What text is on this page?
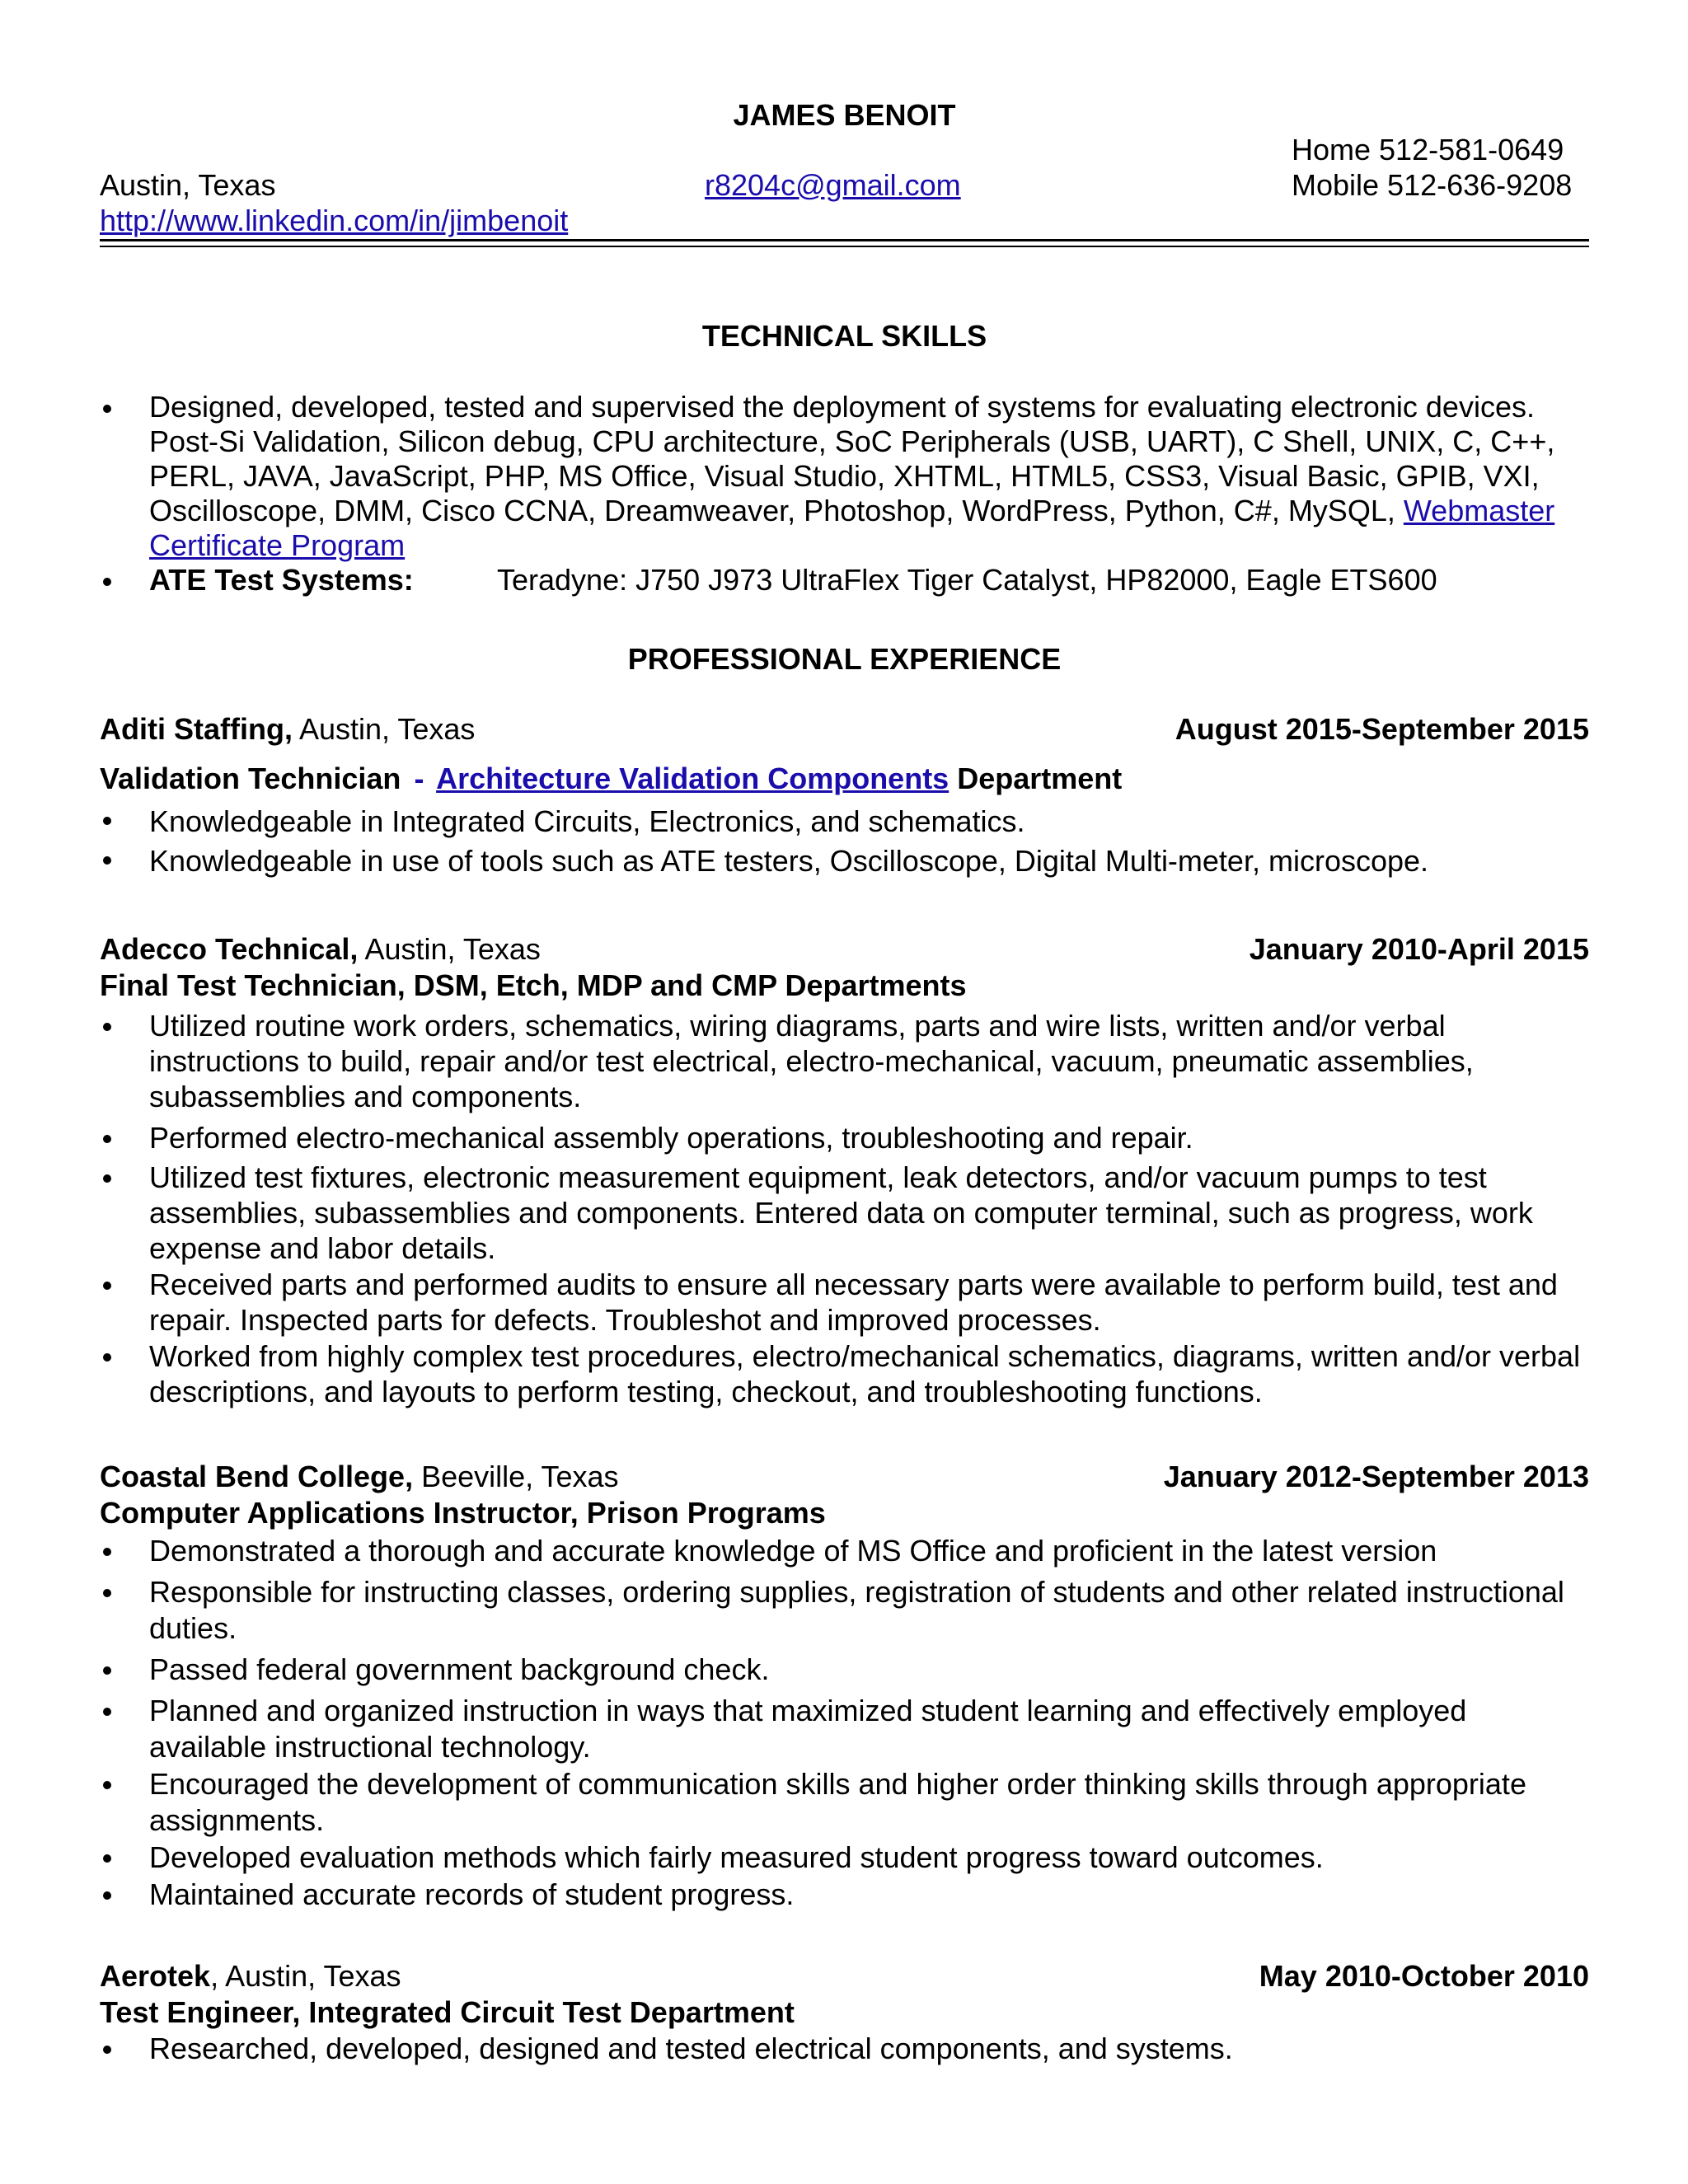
JAMES BENOIT
Home 512-581-0649
Austin, Texas	r8204c@gmail.com	Mobile 512-636-9208
http://www.linkedin.com/in/jimbenoit
TECHNICAL SKILLS
Designed, developed, tested and supervised the deployment of systems for evaluating electronic devices. Post-Si Validation, Silicon debug, CPU architecture, SoC Peripherals (USB, UART), C Shell, UNIX, C, C++, PERL, JAVA, JavaScript, PHP, MS Office, Visual Studio, XHTML, HTML5, CSS3, Visual Basic, GPIB, VXI, Oscilloscope, DMM, Cisco CCNA, Dreamweaver, Photoshop, WordPress, Python, C#, MySQL, Webmaster Certificate Program
ATE Test Systems:	Teradyne: J750 J973 UltraFlex Tiger Catalyst, HP82000, Eagle ETS600
PROFESSIONAL EXPERIENCE
Aditi Staffing, Austin, Texas	August 2015-September 2015
Validation Technician - Architecture Validation Components Department
Knowledgeable in Integrated Circuits, Electronics, and schematics.
Knowledgeable in use of tools such as ATE testers, Oscilloscope, Digital Multi-meter, microscope.
Adecco Technical, Austin, Texas	January 2010-April 2015
Final Test Technician, DSM, Etch, MDP and CMP Departments
Utilized routine work orders, schematics, wiring diagrams, parts and wire lists, written and/or verbal instructions to build, repair and/or test electrical, electro-mechanical, vacuum, pneumatic assemblies, subassemblies and components.
Performed electro-mechanical assembly operations, troubleshooting and repair.
Utilized test fixtures, electronic measurement equipment, leak detectors, and/or vacuum pumps to test assemblies, subassemblies and components. Entered data on computer terminal, such as progress, work expense and labor details.
Received parts and performed audits to ensure all necessary parts were available to perform build, test and repair. Inspected parts for defects. Troubleshot and improved processes.
Worked from highly complex test procedures, electro/mechanical schematics, diagrams, written and/or verbal descriptions, and layouts to perform testing, checkout, and troubleshooting functions.
Coastal Bend College, Beeville, Texas	January 2012-September 2013
Computer Applications Instructor, Prison Programs
Demonstrated a thorough and accurate knowledge of MS Office and proficient in the latest version
Responsible for instructing classes, ordering supplies, registration of students and other related instructional duties.
Passed federal government background check.
Planned and organized instruction in ways that maximized student learning and effectively employed available instructional technology.
Encouraged the development of communication skills and higher order thinking skills through appropriate assignments.
Developed evaluation methods which fairly measured student progress toward outcomes.
Maintained accurate records of student progress.
Aerotek, Austin, Texas	May 2010-October 2010
Test Engineer, Integrated Circuit Test Department
Researched, developed, designed and tested electrical components, and systems.
